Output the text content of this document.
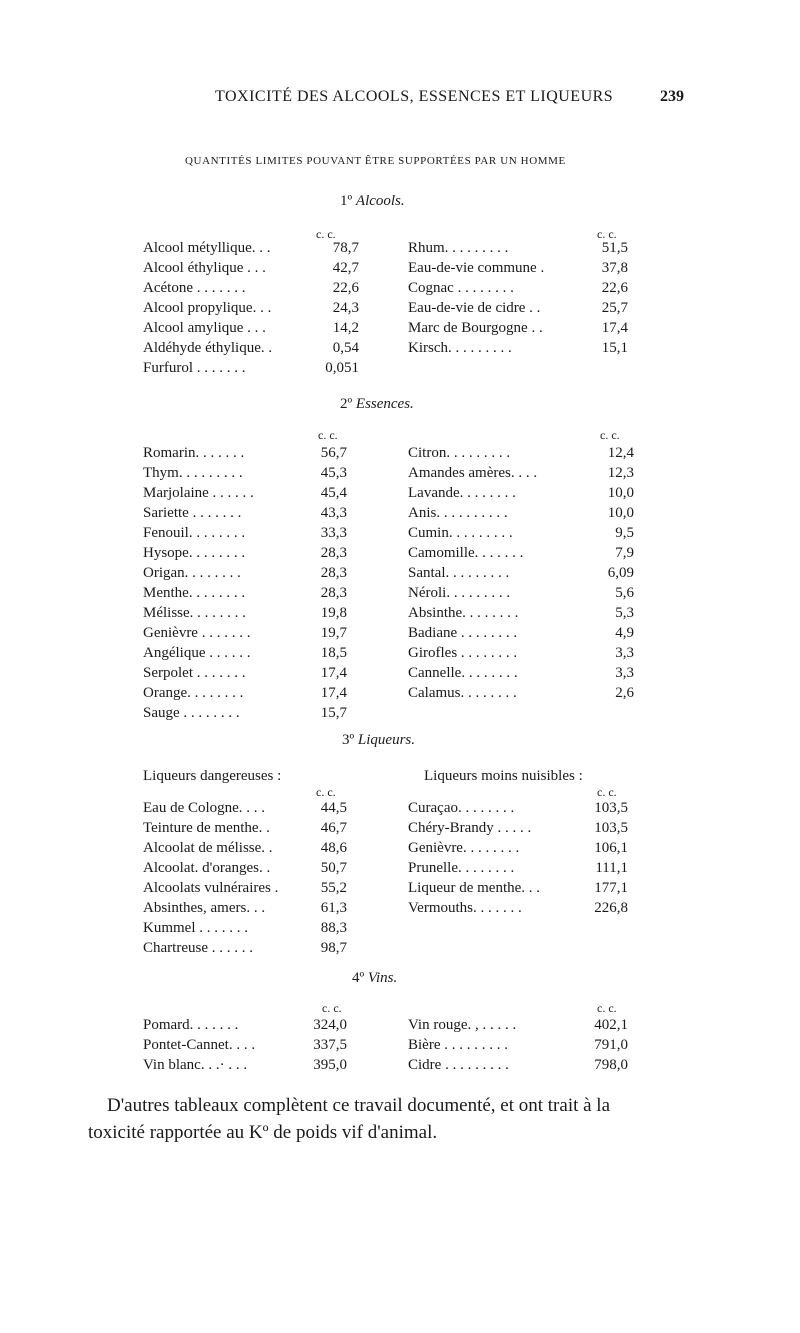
TOXICITÉ DES ALCOOLS, ESSENCES ET LIQUEURS	239
QUANTITÉS LIMITES POUVANT ÊTRE SUPPORTÉES PAR UN HOMME
1º Alcools.
c. c.	c. c.
Alcool métyllique. . .	78,7
Alcool éthylique . . .	42,7
Acétone . . . . . . .	22,6
Alcool propylique. . .	24,3
Alcool amylique . . .	14,2
Aldéhyde éthylique. .	0,54
Furfurol . . . . . . .	0,051
Rhum. . . . . . . . .	51,5
Eau-de-vie commune .	37,8
Cognac . . . . . . . .	22,6
Eau-de-vie de cidre . .	25,7
Marc de Bourgogne . .	17,4
Kirsch. . . . . . . . .	15,1
2º Essences.
c. c.	c. c.
Romarin. . . . . . .	56,7
Thym. . . . . . . . .	45,3
Marjolaine . . . . . .	45,4
Sariette . . . . . . .	43,3
Fenouil. . . . . . . .	33,3
Hysope. . . . . . . .	28,3
Origan. . . . . . . .	28,3
Menthe. . . . . . . .	28,3
Mélisse. . . . . . . .	19,8
Genièvre . . . . . . .	19,7
Angélique . . . . . .	18,5
Serpolet . . . . . . .	17,4
Orange. . . . . . . .	17,4
Sauge . . . . . . . .	15,7
Citron. . . . . . . . .	12,4
Amandes amères. . . .	12,3
Lavande. . . . . . . .	10,0
Anis. . . . . . . . . .	10,0
Cumin. . . . . . . . .	9,5
Camomille. . . . . . .	7,9
Santal. . . . . . . . .	6,09
Néroli. . . . . . . . .	5,6
Absinthe. . . . . . . .	5,3
Badiane . . . . . . . .	4,9
Girofles . . . . . . . .	3,3
Cannelle. . . . . . . .	3,3
Calamus. . . . . . . .	2,6
3º Liqueurs.
Liqueurs dangereuses :	Liqueurs moins nuisibles :
c. c.	c. c.
Eau de Cologne. . . .	44,5
Teinture de menthe. .	46,7
Alcoolat de mélisse. .	48,6
Alcoolat. d'oranges. .	50,7
Alcoolats vulnéraires .	55,2
Absinthes, amers. . .	61,3
Kummel . . . . . . .	88,3
Chartreuse . . . . . .	98,7
Curaçao. . . . . . . .	103,5
Chéry-Brandy . . . . .	103,5
Genièvre. . . . . . . .	106,1
Prunelle. . . . . . . .	111,1
Liqueur de menthe. . .	177,1
Vermouths. . . . . . .	226,8
4º Vins.
c. c.	c. c.
Pomard. . . . . . .	324,0
Pontet-Cannet. . . .	337,5
Vin blanc. . .· . . .	395,0
Vin rouge. , . . . . .	402,1
Bière . . . . . . . . .	791,0
Cidre . . . . . . . . .	798,0
D'autres tableaux complètent ce travail documenté, et ont trait à la
toxicité rapportée au Kº de poids vif d'animal.
